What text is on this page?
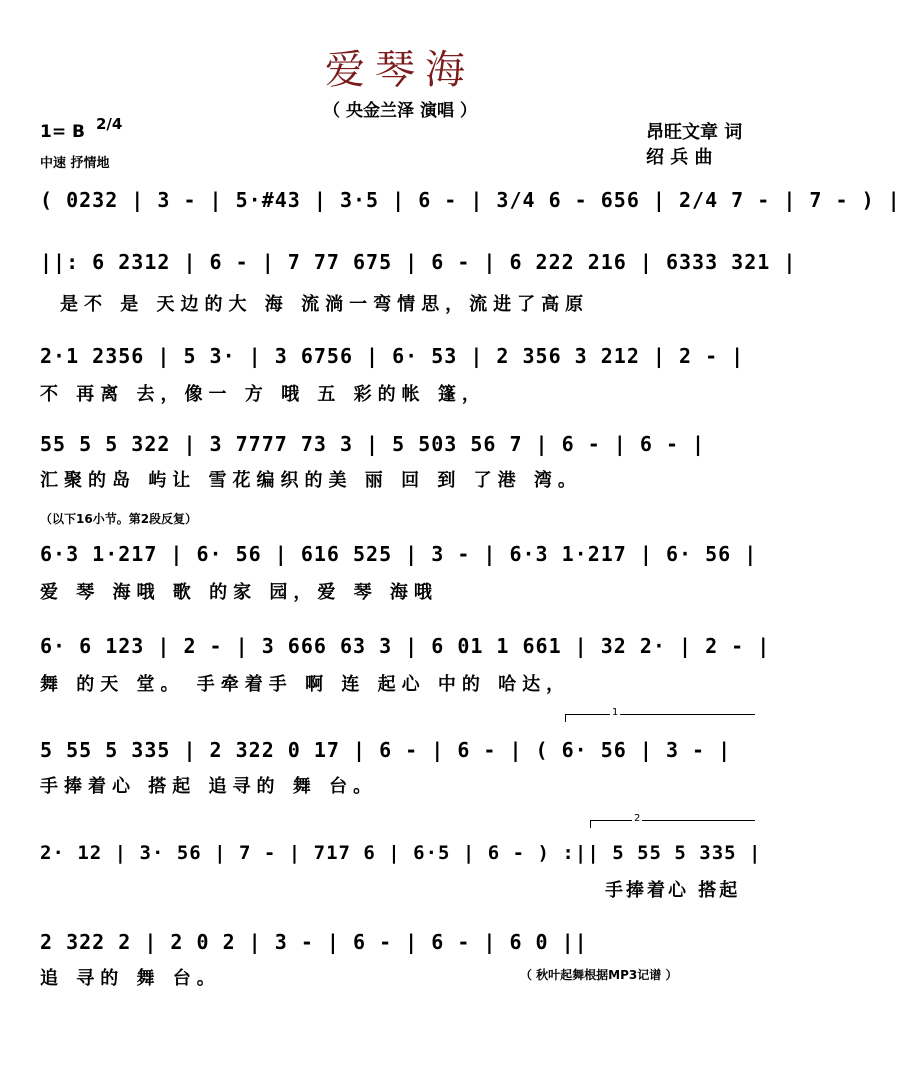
爱琴海
（ 央金兰泽 演唱 ）
1= B 2/4
中速 抒情地
昂旺文章 词
绍 兵 曲
( 0232 | 3 - | 5·#43 | 3·5 | 6 - | 3/4 6 - 656 | 2/4 7 - | 7 - ) |
||: 6 2312 | 6 - | 7 77 675 | 6 - | 6 222 216 | 6333 321 |
是不 是 天边的大 海 流淌一弯情思，流进了高原
2·1 2356 | 5 3· | 3 6756 | 6· 53 | 2 356 3 212 | 2 - |
不 再离 去，像一 方 哦 五 彩的帐 篷，
55 5 5 322 | 3 7777 73 3 | 5 503 56 7 | 6 - | 6 - |
汇聚的岛 屿让 雪花编织的美 丽 回 到 了港 湾。
（以下16小节。第2段反复）
6·3 1·217 | 6· 56 | 616 525 | 3 - | 6·3 1·217 | 6· 56 |
爱 琴 海哦 歌 的家 园，爱 琴 海哦
6· 6 123 | 2 - | 3 666 63 3 | 6 01 1 661 | 32 2· | 2 - |
舞 的天 堂。 手牵着手 啊 连 起心 中的 哈达，
1
5 55 5 335 | 2 322 0 17 | 6 - | 6 - | ( 6· 56 | 3 - |
手捧着心 搭起 追寻的 舞 台。
2
2· 12 | 3· 56 | 7 - | 717 6 | 6·5 | 6 - ) :|| 5 55 5 335 |
手捧着心 搭起
2 322 2 | 2 0 2 | 3 - | 6 - | 6 - | 6 0 ||
追 寻的 舞 台。	（ 秋叶起舞根据MP3记谱 ）
